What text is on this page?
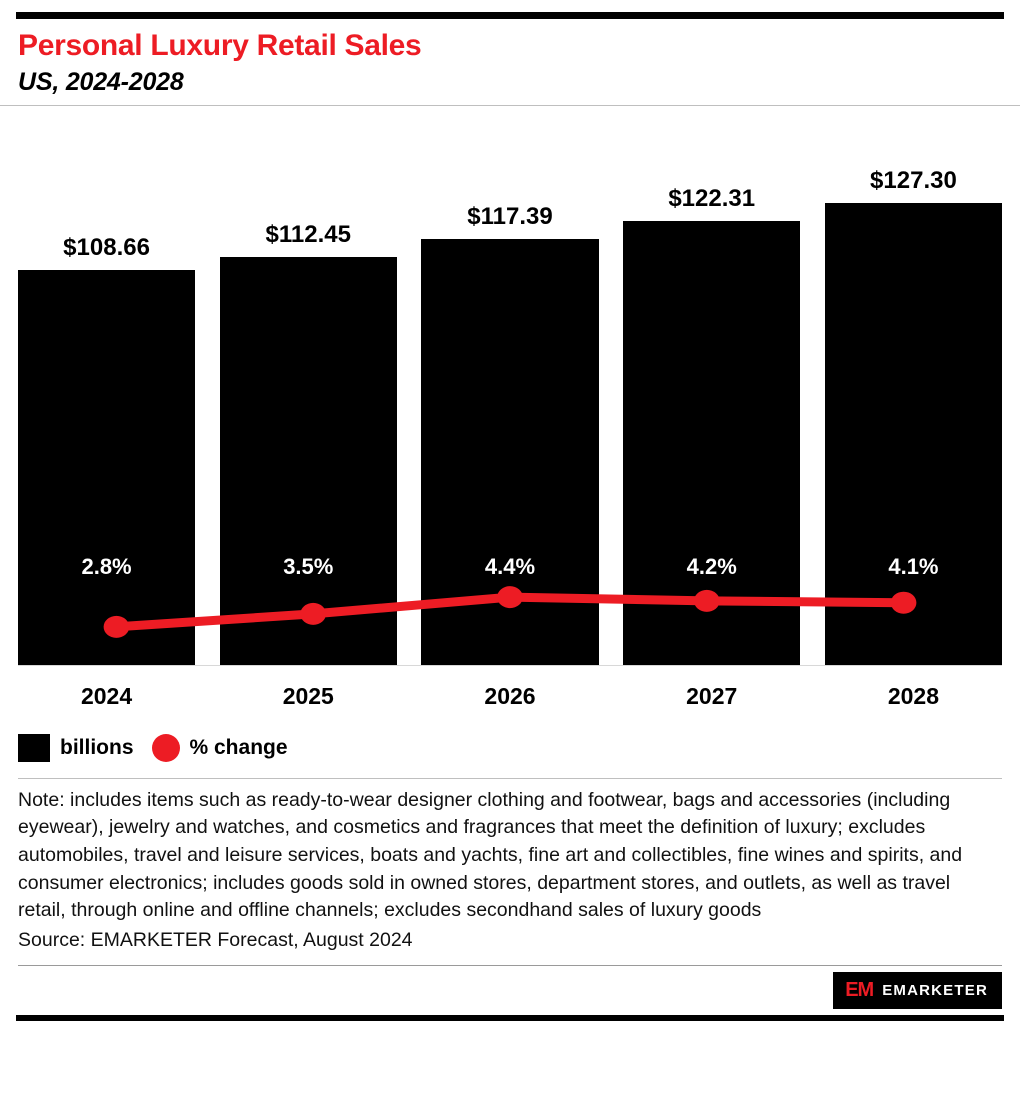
Personal Luxury Retail Sales
US, 2024-2028
$108.66
2.8%
$112.45
3.5%
$117.39
4.4%
$122.31
4.2%
$127.30
4.1%
2024	2025	2026	2027	2028
billions	% change

Note: includes items such as ready-to-wear designer clothing and footwear, bags and accessories (including eyewear), jewelry and watches, and cosmetics and fragrances that meet the definition of luxury; excludes automobiles, travel and leisure services, boats and yachts, fine art and collectibles, fine wines and spirits, and consumer electronics; includes goods sold in owned stores, department stores, and outlets, as well as travel retail, through online and offline channels; excludes secondhand sales of luxury goods

Source: EMARKETER Forecast, August 2024

EM EMARKETER
